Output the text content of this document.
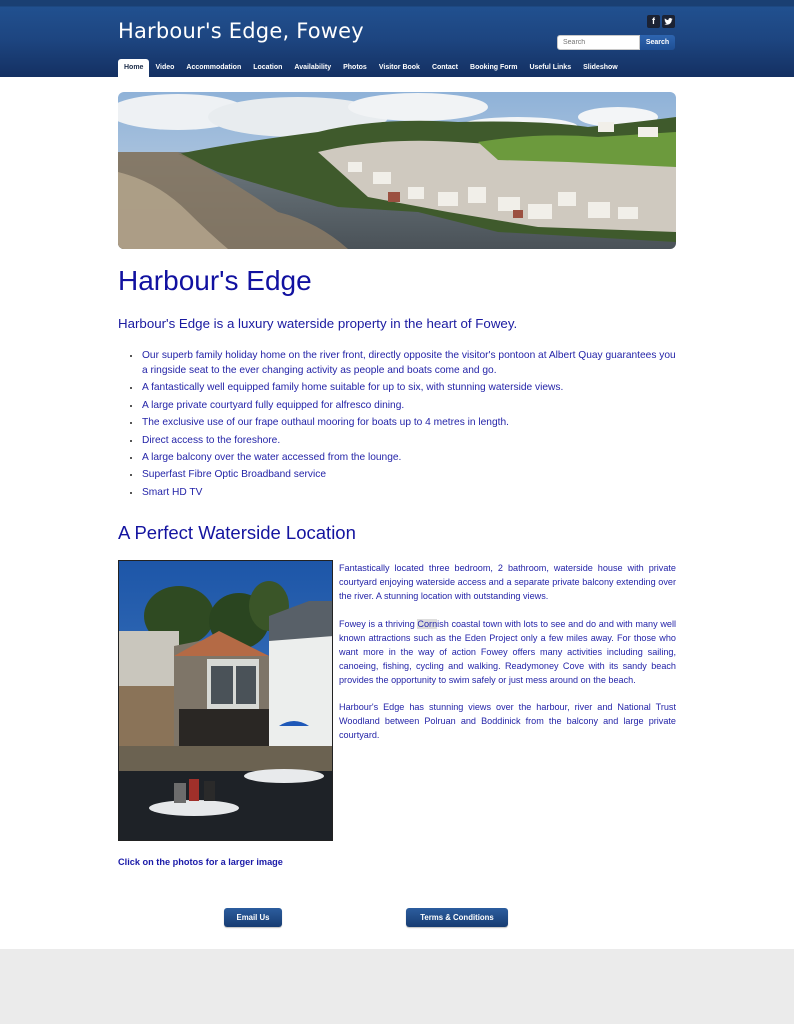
Harbour's Edge, Fowey	f
Search
Search
Home	Video	Accommodation	Location	Availability	Photos	Visitor Book	Contact	Booking Form	Useful Links	Slideshow
Harbour's Edge
Harbour's Edge is a luxury waterside property in the heart of Fowey.
Our superb family holiday home on the river front, directly opposite the visitor's pontoon at Albert Quay guarantees you a ringside seat to the ever changing activity as people and boats come and go.
A fantastically well equipped family home suitable for up to six, with stunning waterside views.
A large private courtyard fully equipped for alfresco dining.
The exclusive use of our frape outhaul mooring for boats up to 4 metres in length.
Direct access to the foreshore.
A large balcony over the water accessed from the lounge.
Superfast Fibre Optic Broadband service
Smart HD TV
A Perfect Waterside Location

Fantastically located three bedroom, 2 bathroom, waterside house with private courtyard enjoying waterside access and a separate private balcony extending over the river. A stunning location with outstanding views.

Fowey is a thriving Cornish coastal town with lots to see and do and with many well known attractions such as the Eden Project only a few miles away. For those who want more in the way of action Fowey offers many activities including sailing, canoeing, fishing, cycling and walking. Readymoney Cove with its sandy beach provides the opportunity to swim safely or just mess around on the beach.

Harbour's Edge has stunning views over the harbour, river and National Trust Woodland between Polruan and Boddinick from the balcony and large private courtyard.

Click on the photos for a larger image
Email Us	Terms & Conditions
